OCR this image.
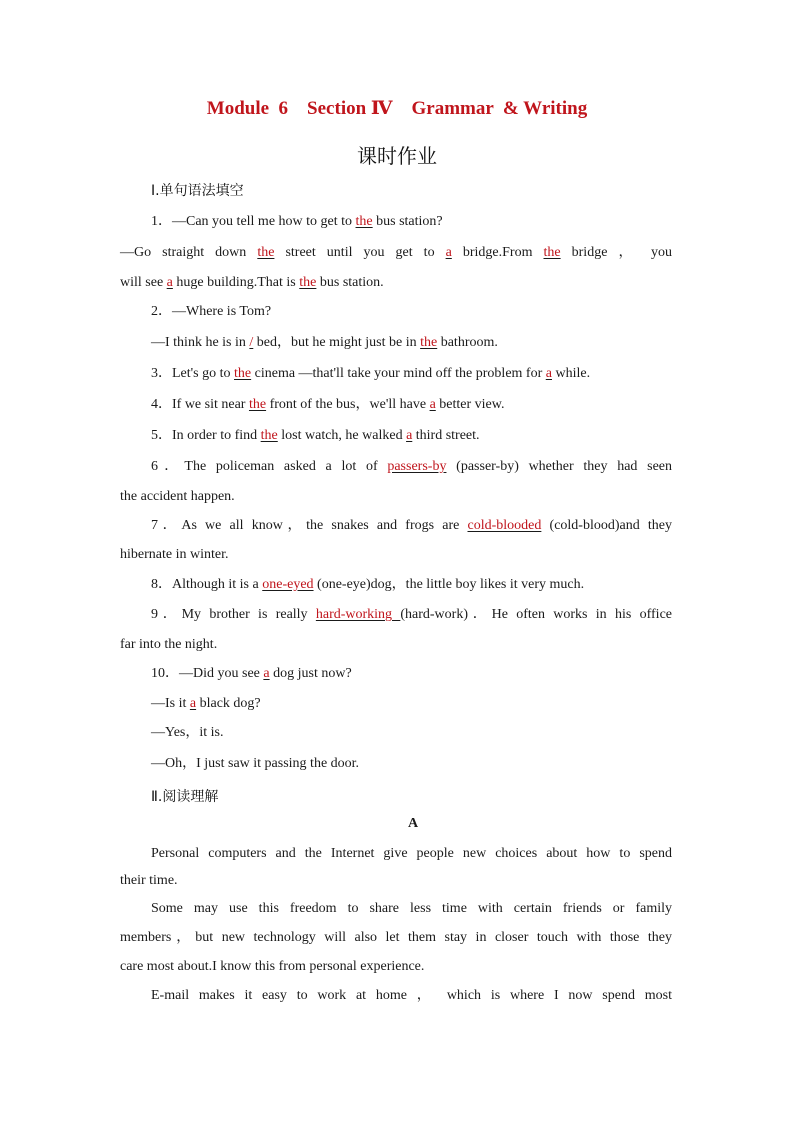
Module  6    Section Ⅳ    Grammar  & Writing
课时作业
Ⅰ.单句语法填空
1．—Can you tell me how to get to the bus station?
—Go straight down the street until you get to a bridge.From the bridge ， you
will see a huge building.That is the bus station.
2．—Where is Tom?
—I think he is in / bed，but he might just be in the bathroom.
3．Let's go to the cinema —that'll take your mind off the problem for a while.
4．If we sit near the front of the bus，we'll have a better view.
5．In order to find the lost watch, he walked a third street.
6．The policeman asked a lot of passers-by (passer-by) whether they had seen
the accident happen.
7．As we all know，the snakes and frogs are cold-blooded (cold-blood)and they
hibernate in winter.
8．Although it is a one-eyed (one-eye)dog，the little boy likes it very much.
9．My brother is really hard-working (hard-work)．He often works in his office
far into the night.
10．—Did you see a dog just now?
—Is it a black dog?
—Yes，it is.
—Oh，I just saw it passing the door.
Ⅱ.阅读理解
A
Personal computers and the Internet give people new choices about how to spend
their time.
Some may use this freedom to share less time with certain friends or family
members，but new technology will also let them stay in closer touch with those they
care most about.I know this from personal experience.
E-mail makes it easy to work at home ， which is where I now spend most
